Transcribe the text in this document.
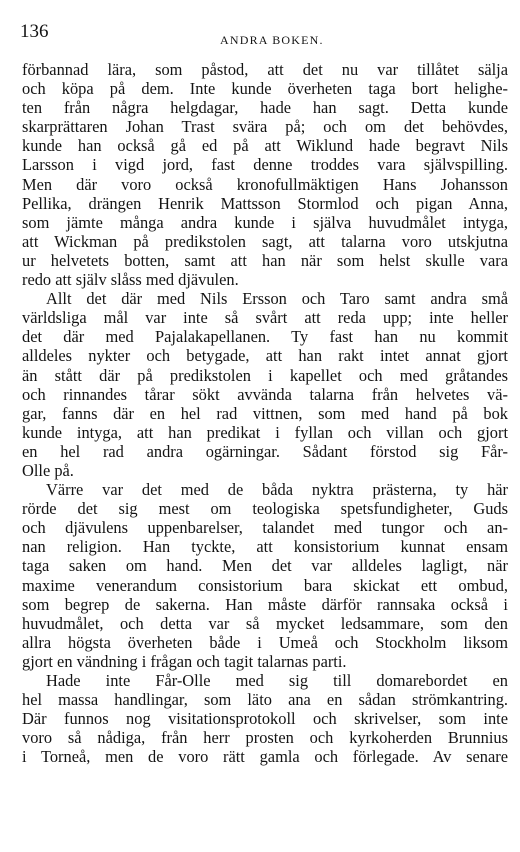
136	ANDRA BOKEN.
förbannad lära, som påstod, att det nu var tillåtet sälja
och köpa på dem. Inte kunde överheten taga bort helighe-
ten från några helgdagar, hade han sagt. Detta kunde
skarprättaren Johan Trast svära på; och om det behövdes,
kunde han också gå ed på att Wiklund hade begravt Nils
Larsson i vigd jord, fast denne troddes vara självspilling.
Men där voro också kronofullmäktigen Hans Johansson
Pellika, drängen Henrik Mattsson Stormlod och pigan Anna,
som jämte många andra kunde i själva huvudmålet intyga,
att Wickman på predikstolen sagt, att talarna voro utskjutna
ur helvetets botten, samt att han när som helst skulle vara
redo att själv slåss med djävulen.
Allt det där med Nils Ersson och Taro samt andra små
världsliga mål var inte så svårt att reda upp; inte heller
det där med Pajalakapellanen. Ty fast han nu kommit
alldeles nykter och betygade, att han rakt intet annat gjort
än stått där på predikstolen i kapellet och med gråtandes
och rinnandes tårar sökt avvända talarna från helvetes vä-
gar, fanns där en hel rad vittnen, som med hand på bok
kunde intyga, att han predikat i fyllan och villan och gjort
en hel rad andra ogärningar. Sådant förstod sig Får-
Olle på.
Värre var det med de båda nyktra prästerna, ty här
rörde det sig mest om teologiska spetsfundigheter, Guds
och djävulens uppenbarelser, talandet med tungor och an-
nan religion. Han tyckte, att konsistorium kunnat ensam
taga saken om hand. Men det var alldeles lagligt, när
maxime venerandum consistorium bara skickat ett ombud,
som begrep de sakerna. Han måste därför rannsaka också i
huvudmålet, och detta var så mycket ledsammare, som den
allra högsta överheten både i Umeå och Stockholm liksom
gjort en vändning i frågan och tagit talarnas parti.
Hade inte Får-Olle med sig till domarebordet en
hel massa handlingar, som läto ana en sådan strömkantring.
Där funnos nog visitationsprotokoll och skrivelser, som inte
voro så nådiga, från herr prosten och kyrkoherden Brunnius
i Torneå, men de voro rätt gamla och förlegade. Av senare
